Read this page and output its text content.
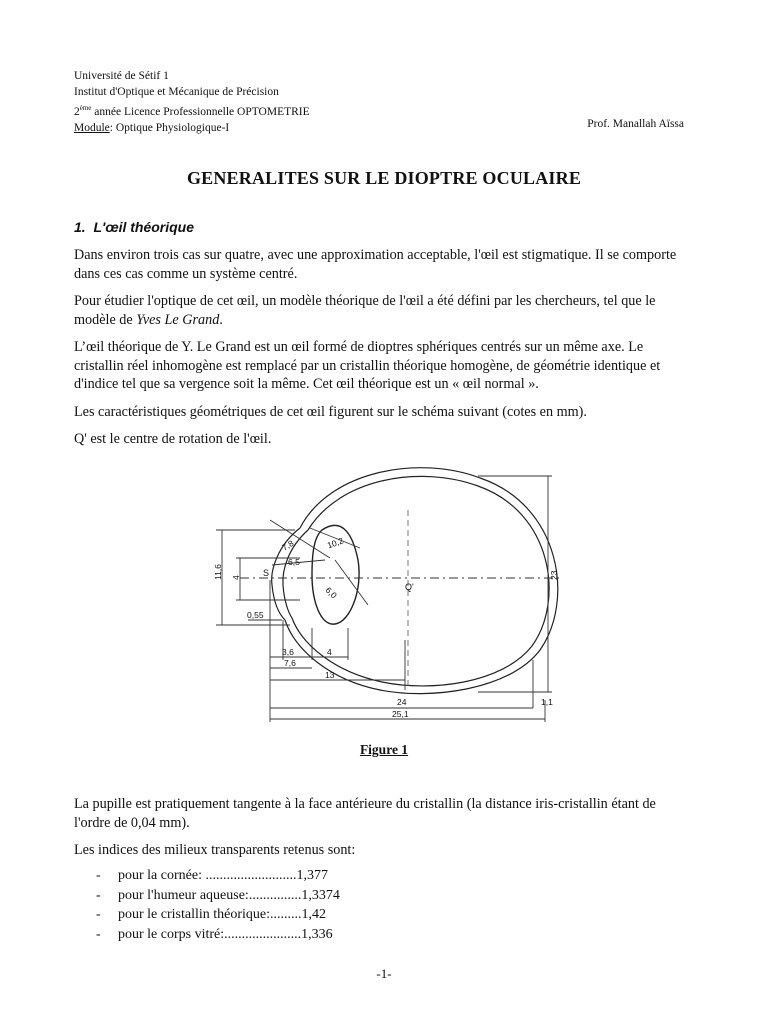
Université de Sétif 1
Institut d'Optique et Mécanique de Précision
2ème année Licence Professionnelle OPTOMETRIE
Module: Optique Physiologique-I	Prof. Manallah Aïssa
GENERALITES SUR LE DIOPTRE OCULAIRE
1. L'œil théorique
Dans environ trois cas sur quatre, avec une approximation acceptable, l'œil est stigmatique. Il se comporte dans ces cas comme un système centré.
Pour étudier l'optique de cet œil, un modèle théorique de l'œil a été défini par les chercheurs, tel que le modèle de Yves Le Grand.
L’œil théorique de Y. Le Grand est un œil formé de dioptres sphériques centrés sur un même axe. Le cristallin réel inhomogène est remplacé par un cristallin théorique homogène, de géométrie identique et d'indice tel que sa vergence soit la même. Cet œil théorique est un « œil normal ».
Les caractéristiques géométriques de cet œil figurent sur le schéma suivant (cotes en mm).
Q' est le centre de rotation de l'œil.
7,8	10,2
6,5
6,0
S
Q'
4
11,6
0,55
3,6	4
7,6
13
24
25,1
1,1
23
Figure 1
La pupille est pratiquement tangente à la face antérieure du cristallin (la distance iris-cristallin étant de l'ordre de 0,04 mm).
Les indices des milieux transparents retenus sont:
-	pour la cornée: .......................... 1,377
-	pour l'humeur aqueuse:............... 1,3374
-	pour le cristallin théorique:......... 1,42
-	pour le corps vitré:...................... 1,336
-1-
